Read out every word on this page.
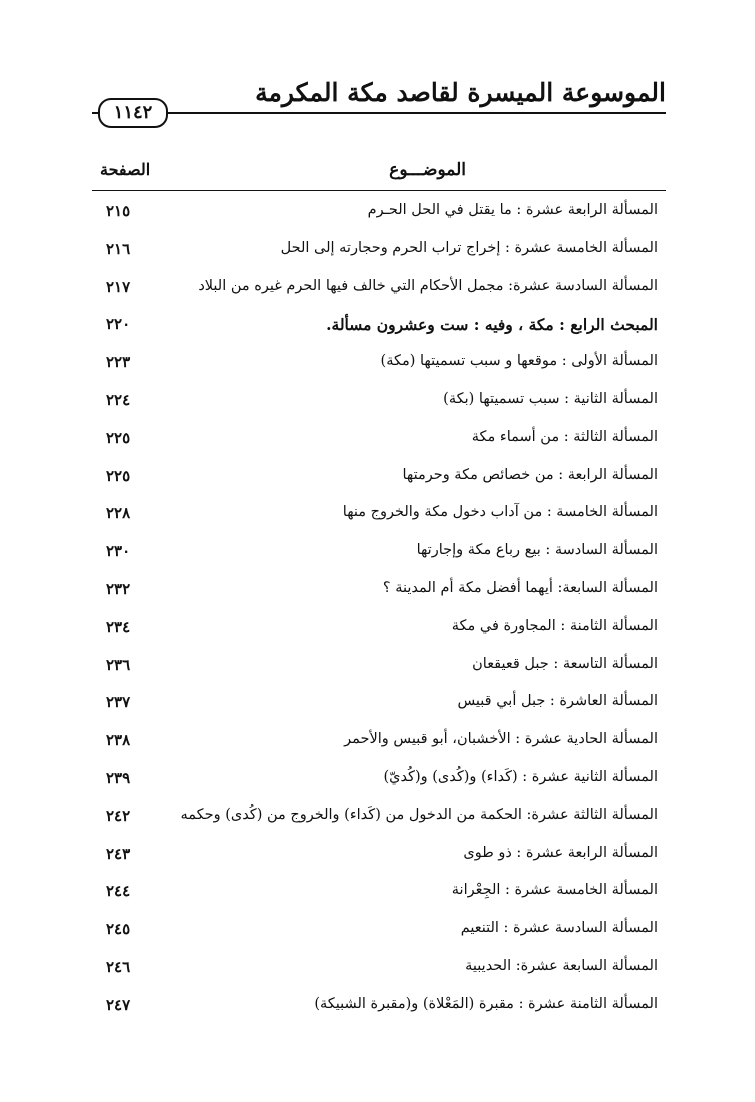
الموسوعة الميسرة لقاصد مكة المكرمة
١١٤٢
الموضـــوع
الصفحة
المسألة الرابعة عشرة : ما يقتل في الحل الحـرم
٢١٥
المسألة الخامسة عشرة : إخراج تراب الحرم وحجارته إلى الحل
٢١٦
المسألة السادسة عشرة: مجمل الأحكام التي خالف فيها الحرم غيره من البلاد
٢١٧
المبحث الرابع : مكة ، وفيه : ست وعشرون مسألة.
٢٢٠
المسألة الأولى : موقعها و سبب تسميتها (مكة)
٢٢٣
المسألة الثانية : سبب تسميتها (بكة)
٢٢٤
المسألة الثالثة : من أسماء مكة
٢٢٥
المسألة الرابعة : من خصائص مكة وحرمتها
٢٢٥
المسألة الخامسة : من آداب دخول مكة والخروج منها
٢٢٨
المسألة السادسة : بيع رباع مكة وإجارتها
٢٣٠
المسألة السابعة: أيهما أفضل مكة أم المدينة ؟
٢٣٢
المسألة الثامنة : المجاورة في مكة
٢٣٤
المسألة التاسعة : جبل قعيقعان
٢٣٦
المسألة العاشرة : جبل أبي قبيس
٢٣٧
المسألة الحادية عشرة : الأخشبان، أبو قبيس والأحمر
٢٣٨
المسألة الثانية عشرة : (كَداء) و(كُدى) و(كُديّ)
٢٣٩
المسألة الثالثة عشرة: الحكمة من الدخول من (كَداء) والخروج من (كُدى) وحكمه
٢٤٢
المسألة الرابعة عشرة : ذو طوى
٢٤٣
المسألة الخامسة عشرة : الجِعْرانة
٢٤٤
المسألة السادسة عشرة : التنعيم
٢٤٥
المسألة السابعة عشرة: الحديبية
٢٤٦
المسألة الثامنة عشرة : مقبرة (المَعْلاة) و(مقبرة الشبيكة)
٢٤٧
